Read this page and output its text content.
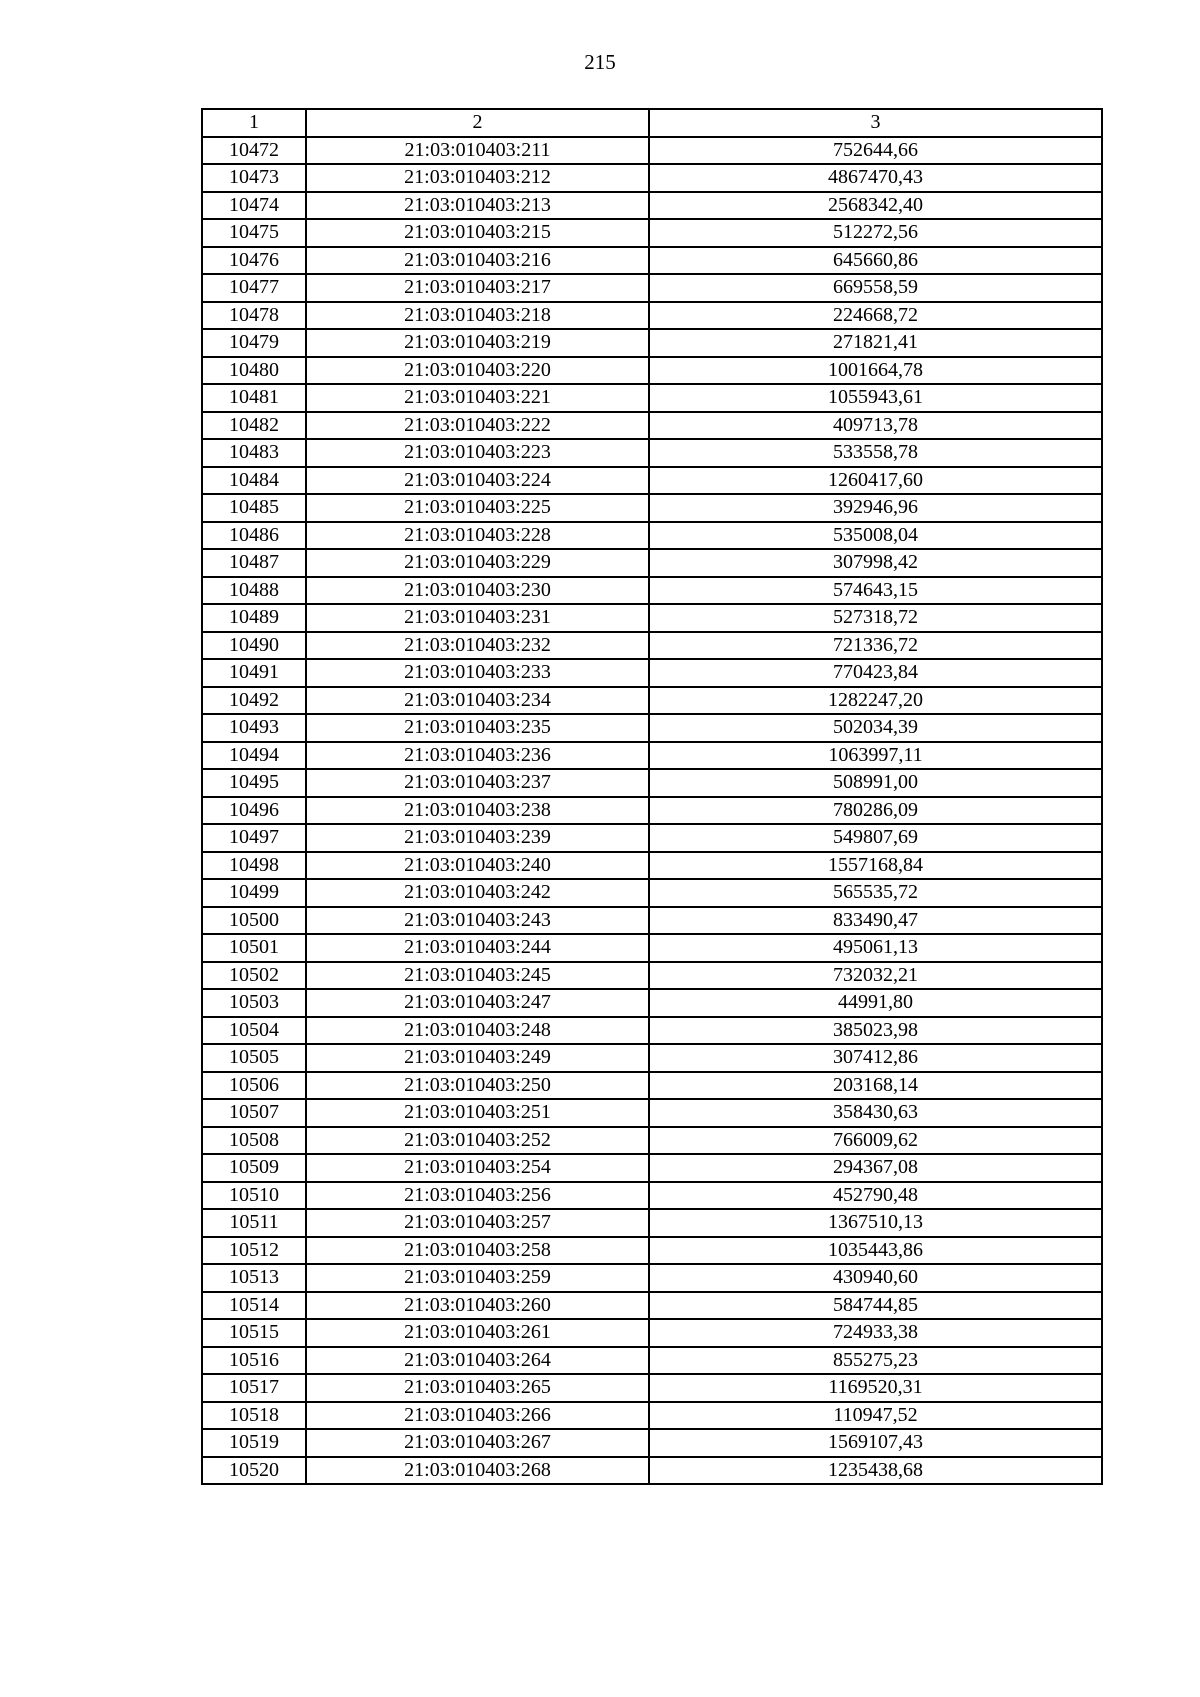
215
1	2	3
10472	21:03:010403:211	752644,66
10473	21:03:010403:212	4867470,43
10474	21:03:010403:213	2568342,40
10475	21:03:010403:215	512272,56
10476	21:03:010403:216	645660,86
10477	21:03:010403:217	669558,59
10478	21:03:010403:218	224668,72
10479	21:03:010403:219	271821,41
10480	21:03:010403:220	1001664,78
10481	21:03:010403:221	1055943,61
10482	21:03:010403:222	409713,78
10483	21:03:010403:223	533558,78
10484	21:03:010403:224	1260417,60
10485	21:03:010403:225	392946,96
10486	21:03:010403:228	535008,04
10487	21:03:010403:229	307998,42
10488	21:03:010403:230	574643,15
10489	21:03:010403:231	527318,72
10490	21:03:010403:232	721336,72
10491	21:03:010403:233	770423,84
10492	21:03:010403:234	1282247,20
10493	21:03:010403:235	502034,39
10494	21:03:010403:236	1063997,11
10495	21:03:010403:237	508991,00
10496	21:03:010403:238	780286,09
10497	21:03:010403:239	549807,69
10498	21:03:010403:240	1557168,84
10499	21:03:010403:242	565535,72
10500	21:03:010403:243	833490,47
10501	21:03:010403:244	495061,13
10502	21:03:010403:245	732032,21
10503	21:03:010403:247	44991,80
10504	21:03:010403:248	385023,98
10505	21:03:010403:249	307412,86
10506	21:03:010403:250	203168,14
10507	21:03:010403:251	358430,63
10508	21:03:010403:252	766009,62
10509	21:03:010403:254	294367,08
10510	21:03:010403:256	452790,48
10511	21:03:010403:257	1367510,13
10512	21:03:010403:258	1035443,86
10513	21:03:010403:259	430940,60
10514	21:03:010403:260	584744,85
10515	21:03:010403:261	724933,38
10516	21:03:010403:264	855275,23
10517	21:03:010403:265	1169520,31
10518	21:03:010403:266	110947,52
10519	21:03:010403:267	1569107,43
10520	21:03:010403:268	1235438,68
